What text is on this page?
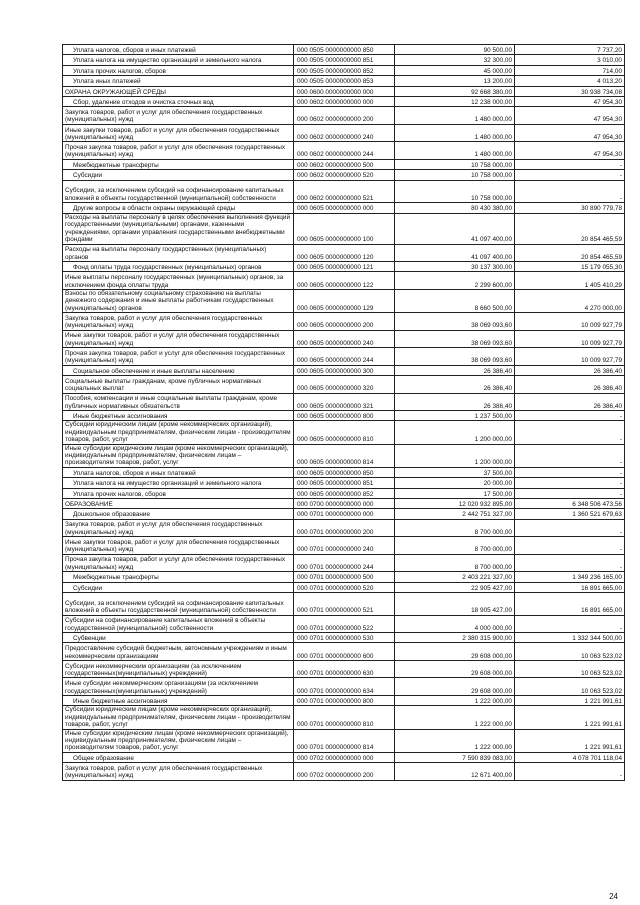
Уплата налогов, сборов и иных платежей	000 0505 0000000000 850	90 500,00	7 737,20
Уплата налога на имущество организаций и земельного налога	000 0505 0000000000 851	32 300,00	3 010,00
Уплата прочих налогов, сборов	000 0505 0000000000 852	45 000,00	714,00
Уплата иных платежей	000 0505 0000000000 853	13 200,00	4 013,20
ОХРАНА ОКРУЖАЮЩЕЙ СРЕДЫ	000 0600 0000000000 000	92 668 380,00	30 938 734,08
Сбор, удаление отходов и очистка сточных вод	000 0602 0000000000 000	12 238 000,00	47 954,30
Закупка товаров, работ и услуг для обеспечения государственных (муниципальных) нужд	000 0602 0000000000 200	1 480 000,00	47 954,30
Иные закупки товаров, работ и услуг для обеспечения государственных (муниципальных) нужд	000 0602 0000000000 240	1 480 000,00	47 954,30
Прочая закупка товаров, работ и услуг для обеспечения государственных (муниципальных) нужд	000 0602 0000000000 244	1 480 000,00	47 954,30
Межбюджетные трансферты	000 0602 0000000000 500	10 758 000,00	-
Субсидии	000 0602 0000000000 520	10 758 000,00	-
Субсидии, за исключением субсидий на софинансирование капитальных вложений в объекты государственной (муниципальной) собственности	000 0602 0000000000 521	10 758 000,00	-
Другие вопросы в области охраны окружающей среды	000 0605 0000000000 000	80 430 380,00	30 890 779,78
Расходы на выплаты персоналу в целях обеспечения выполнения функций государственными (муниципальными) органами, казенными учреждениями, органами управления государственными внебюджетными фондами	000 0605 0000000000 100	41 097 400,00	20 854 465,59
Расходы на выплаты персоналу государственных (муниципальных) органов	000 0605 0000000000 120	41 097 400,00	20 854 465,59
Фонд оплаты труда государственных (муниципальных) органов	000 0605 0000000000 121	30 137 300,00	15 179 055,30
Иные выплаты персоналу государственных (муниципальных) органов, за исключением фонда оплаты труда	000 0605 0000000000 122	2 299 600,00	1 405 410,29
Взносы по обязательному социальному страхованию на выплаты денежного содержания и иные выплаты работникам государственных (муниципальных) органов	000 0605 0000000000 129	8 660 500,00	4 270 000,00
Закупка товаров, работ и услуг для обеспечения государственных (муниципальных) нужд	000 0605 0000000000 200	38 069 093,60	10 009 927,79
Иные закупки товаров, работ и услуг для обеспечения государственных (муниципальных) нужд	000 0605 0000000000 240	38 069 093,60	10 009 927,79
Прочая закупка товаров, работ и услуг для обеспечения государственных (муниципальных) нужд	000 0605 0000000000 244	38 069 093,60	10 009 927,79
Социальное обеспечение и иные выплаты населению	000 0605 0000000000 300	26 386,40	26 386,40
Социальные выплаты гражданам, кроме публичных нормативных социальных выплат	000 0605 0000000000 320	26 386,40	26 386,40
Пособия, компенсации и иные социальные выплаты гражданам, кроме публичных нормативных обязательств	000 0605 0000000000 321	26 386,40	26 386,40
Иные бюджетные ассигнования	000 0605 0000000000 800	1 237 500,00	-
Субсидии юридическим лицам (кроме некоммерческих организаций), индивидуальным предпринимателям, физическим лицам - производителям товаров, работ, услуг	000 0605 0000000000 810	1 200 000,00	-
Иные субсидии юридическим лицам (кроме некоммерческих организаций), индивидуальным предпринимателям, физическим лицам – производителям товаров, работ, услуг	000 0605 0000000000 814	1 200 000,00	-
Уплата налогов, сборов и иных платежей	000 0605 0000000000 850	37 500,00	-
Уплата налога на имущество организаций и земельного налога	000 0605 0000000000 851	20 000,00	-
Уплата прочих налогов, сборов	000 0605 0000000000 852	17 500,00	-
ОБРАЗОВАНИЕ	000 0700 0000000000 000	12 020 932 895,00	6 348 506 473,56
Дошкольное образование	000 0701 0000000000 000	2 442 751 327,00	1 360 521 679,63
Закупка товаров, работ и услуг для обеспечения государственных (муниципальных) нужд	000 0701 0000000000 200	8 700 000,00	-
Иные закупки товаров, работ и услуг для обеспечения государственных (муниципальных) нужд	000 0701 0000000000 240	8 700 000,00	-
Прочая закупка товаров, работ и услуг для обеспечения государственных (муниципальных) нужд	000 0701 0000000000 244	8 700 000,00	-
Межбюджетные трансферты	000 0701 0000000000 500	2 403 221 327,00	1 349 236 165,00
Субсидии	000 0701 0000000000 520	22 905 427,00	16 891 665,00
Субсидии, за исключением субсидий на софинансирование капитальных вложений в объекты государственной (муниципальной) собственности	000 0701 0000000000 521	18 905 427,00	16 891 665,00
Субсидии на софинансирование капитальных вложений в объекты государственной (муниципальной) собственности	000 0701 0000000000 522	4 000 000,00	-
Субвенции	000 0701 0000000000 530	2 380 315 900,00	1 332 344 500,00
Предоставление субсидий бюджетным, автономным учреждениям и иным некоммерческим организациям	000 0701 0000000000 600	29 608 000,00	10 063 523,02
Субсидии некоммерческим организациям (за исключением государственных(муниципальных) учреждений)	000 0701 0000000000 630	29 608 000,00	10 063 523,02
Иные субсидии некоммерческим организациям (за исключением государственных(муниципальных) учреждений)	000 0701 0000000000 634	29 608 000,00	10 063 523,02
Иные бюджетные ассигнования	000 0701 0000000000 800	1 222 000,00	1 221 991,61
Субсидии юридическим лицам (кроме некоммерческих организаций), индивидуальным предпринимателям, физическим лицам - производителям товаров, работ, услуг	000 0701 0000000000 810	1 222 000,00	1 221 991,61
Иные субсидии юридическим лицам (кроме некоммерческих организаций), индивидуальным предпринимателям, физическим лицам – производителям товаров, работ, услуг	000 0701 0000000000 814	1 222 000,00	1 221 991,61
Общее образование	000 0702 0000000000 000	7 590 839 083,00	4 078 701 118,04
Закупка товаров, работ и услуг для обеспечения государственных (муниципальных) нужд	000 0702 0000000000 200	12 671 400,00	-
24
